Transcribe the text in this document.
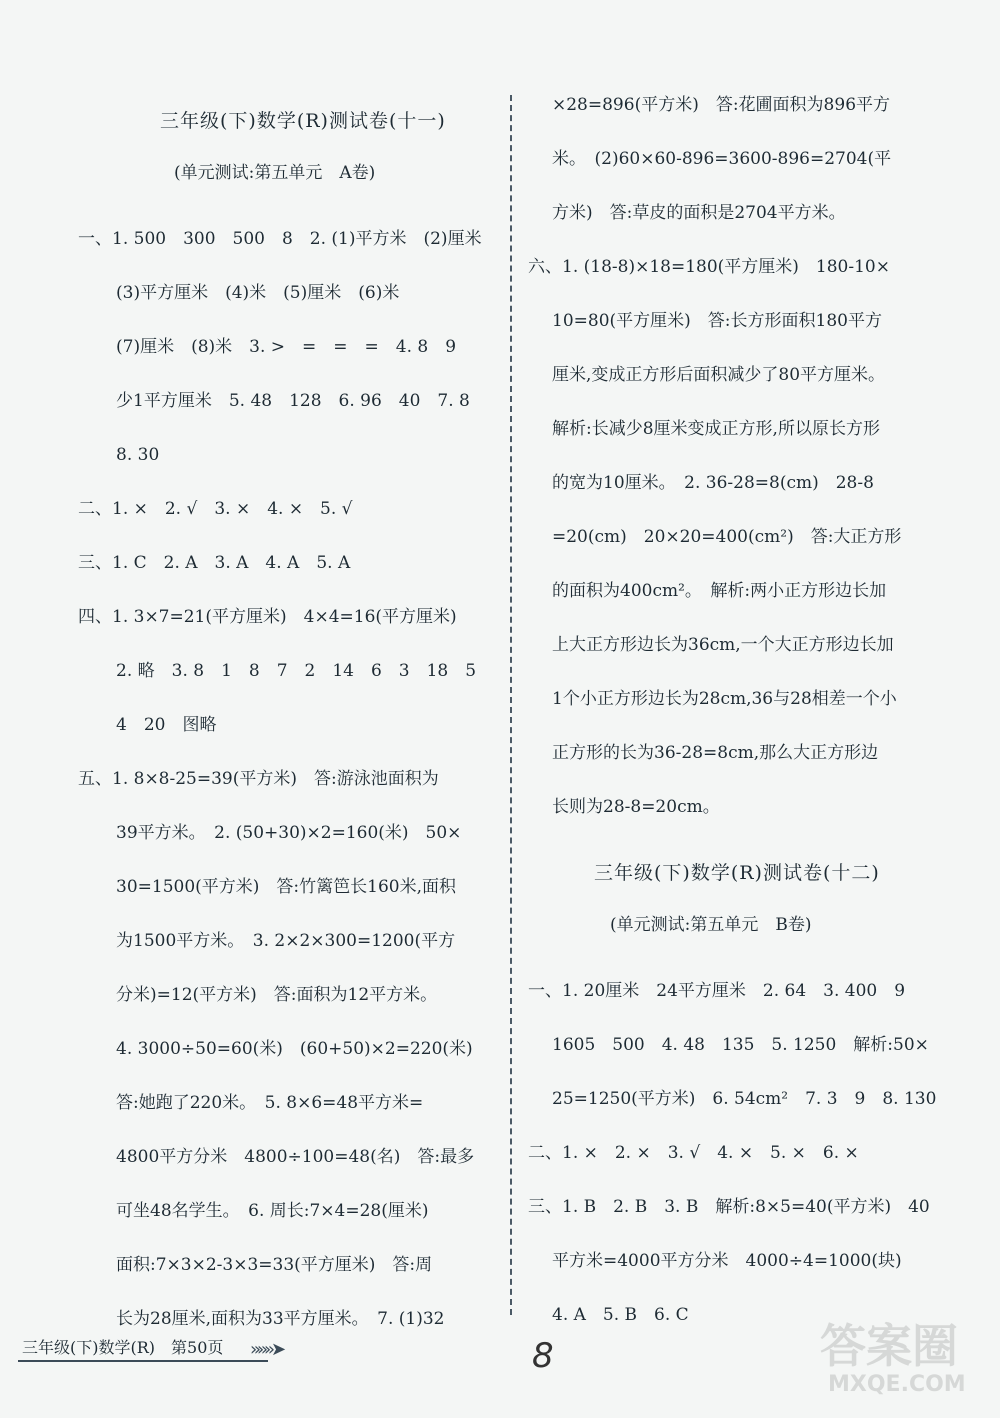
三年级(下)数学(R)测试卷(十一)
(单元测试:第五单元　A卷)
一、1. 500　300　500　8　2. (1)平方米　(2)厘米
(3)平方厘米　(4)米　(5)厘米　(6)米
(7)厘米　(8)米　3. >　=　=　=　4. 8　9
少1平方厘米　5. 48　128　6. 96　40　7. 8
8. 30
二、1. ×　2. √　3. ×　4. ×　5. √
三、1. C　2. A　3. A　4. A　5. A
四、1. 3×7=21(平方厘米)　4×4=16(平方厘米)
2. 略　3. 8　1　8　7　2　14　6　3　18　5
4　20　图略
五、1. 8×8-25=39(平方米)　答:游泳池面积为
39平方米。　2. (50+30)×2=160(米)　50×
30=1500(平方米)　答:竹篱笆长160米,面积
为1500平方米。　3. 2×2×300=1200(平方
分米)=12(平方米)　答:面积为12平方米。
4. 3000÷50=60(米)　(60+50)×2=220(米)
答:她跑了220米。　5. 8×6=48平方米=
4800平方分米　4800÷100=48(名)　答:最多
可坐48名学生。　6. 周长:7×4=28(厘米)
面积:7×3×2-3×3=33(平方厘米)　答:周
长为28厘米,面积为33平方厘米。　7. (1)32
×28=896(平方米)　答:花圃面积为896平方
米。　(2)60×60-896=3600-896=2704(平
方米)　答:草皮的面积是2704平方米。
六、1. (18-8)×18=180(平方厘米)　180-10×
10=80(平方厘米)　答:长方形面积180平方
厘米,变成正方形后面积减少了80平方厘米。
解析:长减少8厘米变成正方形,所以原长方形
的宽为10厘米。　2. 36-28=8(cm)　28-8
=20(cm)　20×20=400(cm²)　答:大正方形
的面积为400cm²。　解析:两小正方形边长加
上大正方形边长为36cm,一个大正方形边长加
1个小正方形边长为28cm,36与28相差一个小
正方形的长为36-28=8cm,那么大正方形边
长则为28-8=20cm。
三年级(下)数学(R)测试卷(十二)
(单元测试:第五单元　B卷)
一、1. 20厘米　24平方厘米　2. 64　3. 400　9
1605　500　4. 48　135　5. 1250　解析:50×
25=1250(平方米)　6. 54cm²　7. 3　9　8. 130
二、1. ×　2. ×　3. √　4. ×　5. ×　6. ×
三、1. B　2. B　3. B　解析:8×5=40(平方米)　40
平方米=4000平方分米　4000÷4=1000(块)
4. A　5. B　6. C
三年级(下)数学(R)　第50页 »»»➤	8	答案圈
MXQE.COM
